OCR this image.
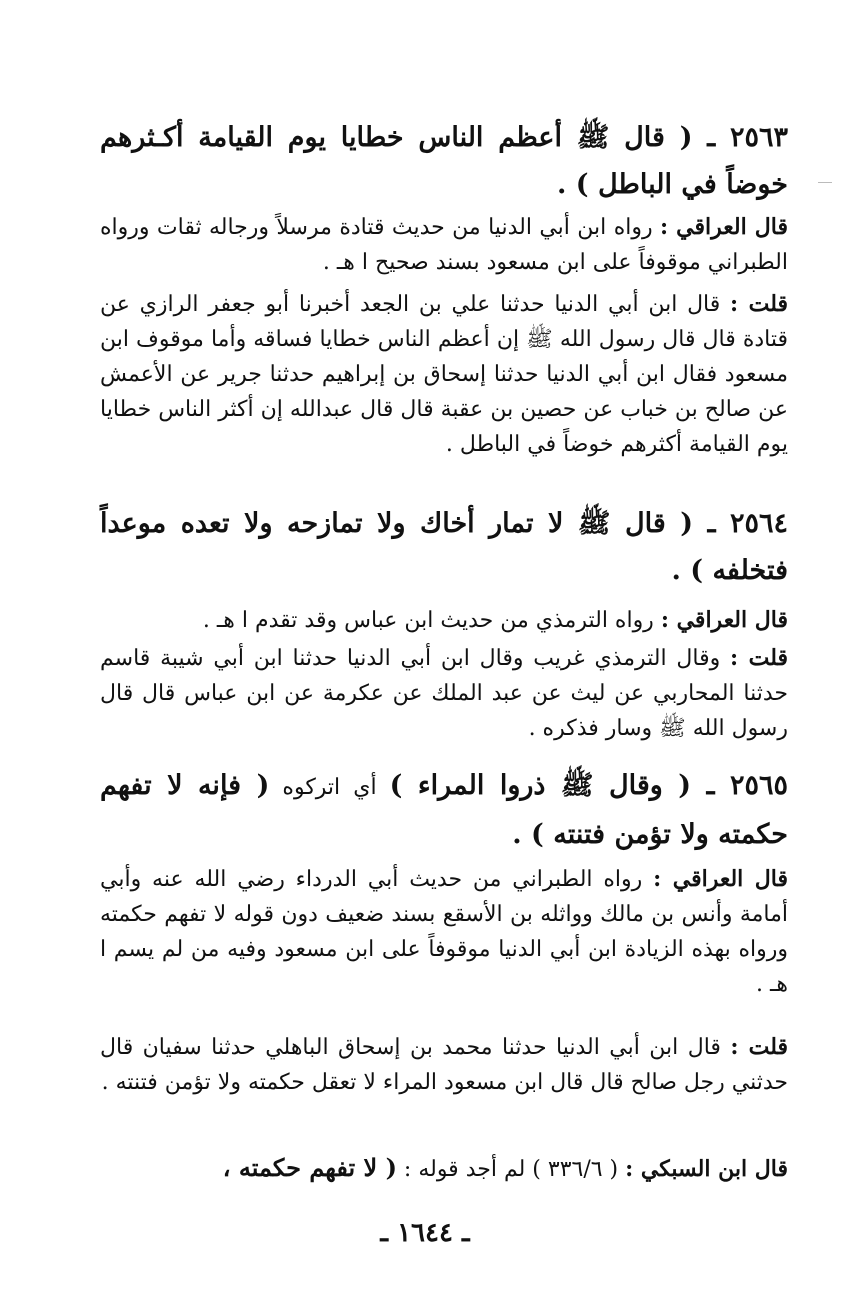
٢٥٦٣ ـ ( قال ﷺ أعظم الناس خطايا يوم القيامة أكـثرهم خوضاً في الباطل ) .
قال العراقي : رواه ابن أبي الدنيا من حديث قتادة مرسلاً ورجاله ثقات ورواه الطبراني موقوفاً على ابن مسعود بسند صحيح ا هـ .
قلت : قال ابن أبي الدنيا حدثنا علي بن الجعد أخبرنا أبو جعفر الرازي عن قتادة قال قال رسول الله ﷺ إن أعظم الناس خطايا فساقه وأما موقوف ابن مسعود فقال ابن أبي الدنيا حدثنا إسحاق بن إبراهيم حدثنا جرير عن الأعمش عن صالح بن خباب عن حصين بن عقبة قال قال عبدالله إن أكثر الناس خطايا يوم القيامة أكثرهم خوضاً في الباطل .
٢٥٦٤ ـ ( قال ﷺ لا تمار أخاك ولا تمازحه ولا تعده موعداً فتخلفه ) .
قال العراقي : رواه الترمذي من حديث ابن عباس وقد تقدم ا هـ .
قلت : وقال الترمذي غريب وقال ابن أبي الدنيا حدثنا ابن أبي شيبة قاسم حدثنا المحاربي عن ليث عن عبد الملك عن عكرمة عن ابن عباس قال قال رسول الله ﷺ وسار فذكره .
٢٥٦٥ ـ ( وقال ﷺ ذروا المراء ) أي اتركوه ( فإنه لا تفهم حكمته ولا تؤمن فتنته ) .
قال العراقي : رواه الطبراني من حديث أبي الدرداء رضي الله عنه وأبي أمامة وأنس بن مالك وواثله بن الأسقع بسند ضعيف دون قوله لا تفهم حكمته ورواه بهذه الزيادة ابن أبي الدنيا موقوفاً على ابن مسعود وفيه من لم يسم ا هـ .
قلت : قال ابن أبي الدنيا حدثنا محمد بن إسحاق الباهلي حدثنا سفيان قال حدثني رجل صالح قال قال ابن مسعود المراء لا تعقل حكمته ولا تؤمن فتنته .
قال ابن السبكي : ( ٣٣٦/٦ ) لم أجد قوله : ( لا تفهم حكمته ،
ـ ١٦٤٤ ـ
